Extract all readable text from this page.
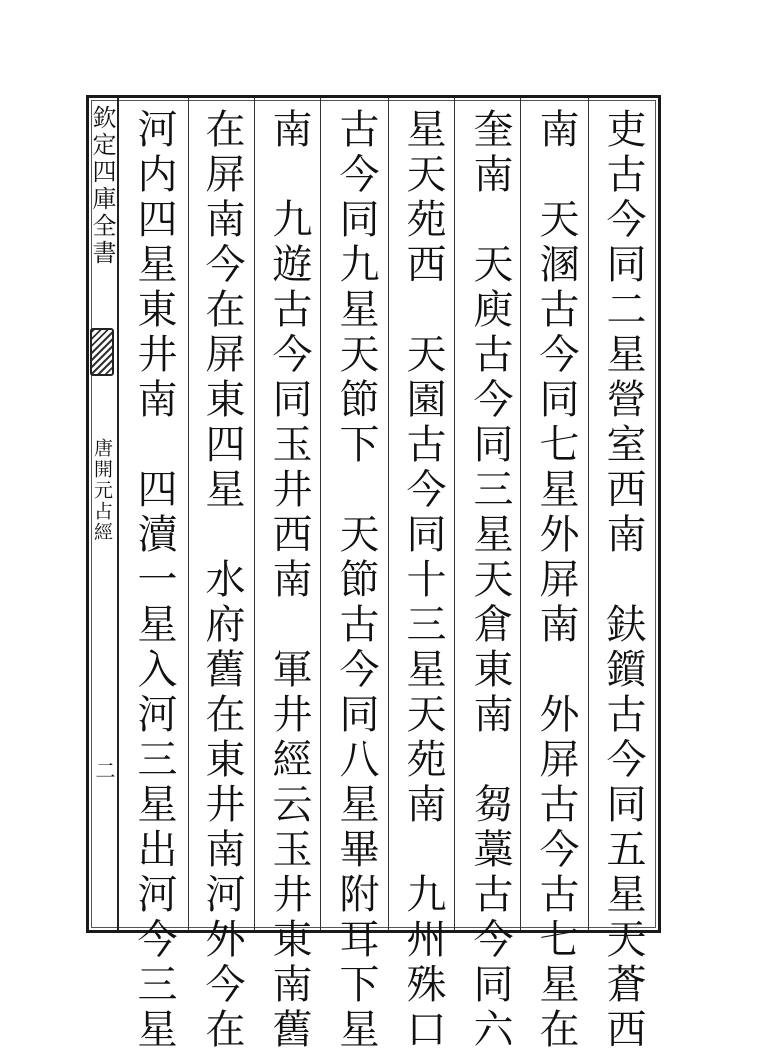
欽定四庫全書
唐開元占經
二	吏古今同二星營室西南　鈇鑕古今同五星天蒼西
南　天溷古今同七星外屏南　外屏古今古七星在
奎南　天庾古今同三星天倉東南　芻藁古今同六
星天苑西　天園古今同十三星天苑南　九州殊口
古今同九星天節下　天節古今同八星畢附耳下星
南　九遊古今同玉井西南　軍井經云玉井東南舊
在屏南今在屏東四星　水府舊在東井南河外今在
河内四星東井南　四瀆一星入河三星出河今三星
